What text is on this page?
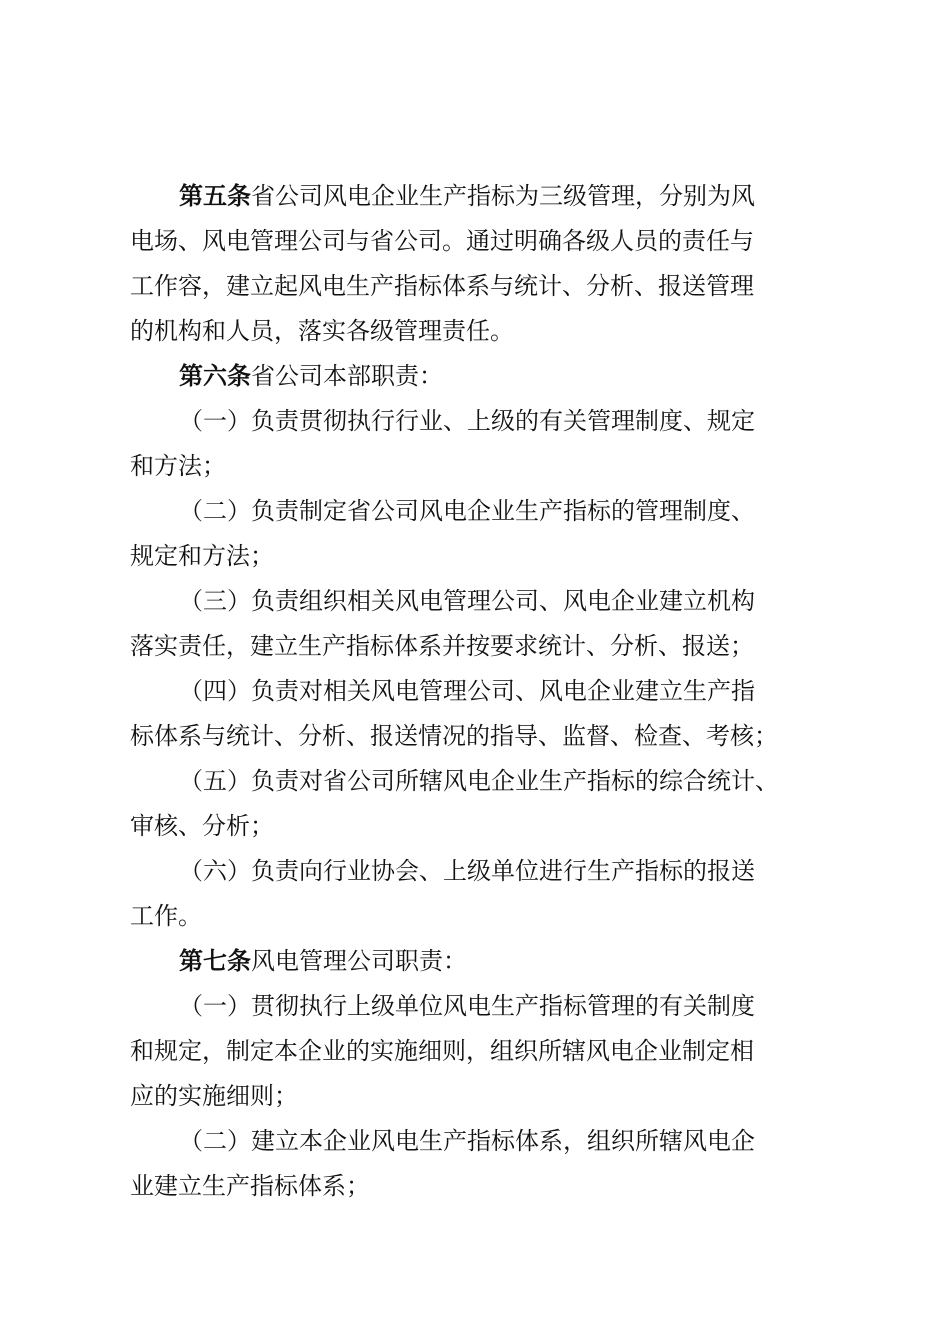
第五条省公司风电企业生产指标为三级管理，分别为风
电场、风电管理公司与省公司。通过明确各级人员的责任与
工作容，建立起风电生产指标体系与统计、分析、报送管理
的机构和人员，落实各级管理责任。
第六条省公司本部职责：
（一）负责贯彻执行行业、上级的有关管理制度、规定
和方法；
（二）负责制定省公司风电企业生产指标的管理制度、
规定和方法；
（三）负责组织相关风电管理公司、风电企业建立机构
落实责任，建立生产指标体系并按要求统计、分析、报送；
（四）负责对相关风电管理公司、风电企业建立生产指
标体系与统计、分析、报送情况的指导、监督、检查、考核；
（五）负责对省公司所辖风电企业生产指标的综合统计、
审核、分析；
（六）负责向行业协会、上级单位进行生产指标的报送
工作。
第七条风电管理公司职责：
（一）贯彻执行上级单位风电生产指标管理的有关制度
和规定，制定本企业的实施细则，组织所辖风电企业制定相
应的实施细则；
（二）建立本企业风电生产指标体系，组织所辖风电企
业建立生产指标体系；
